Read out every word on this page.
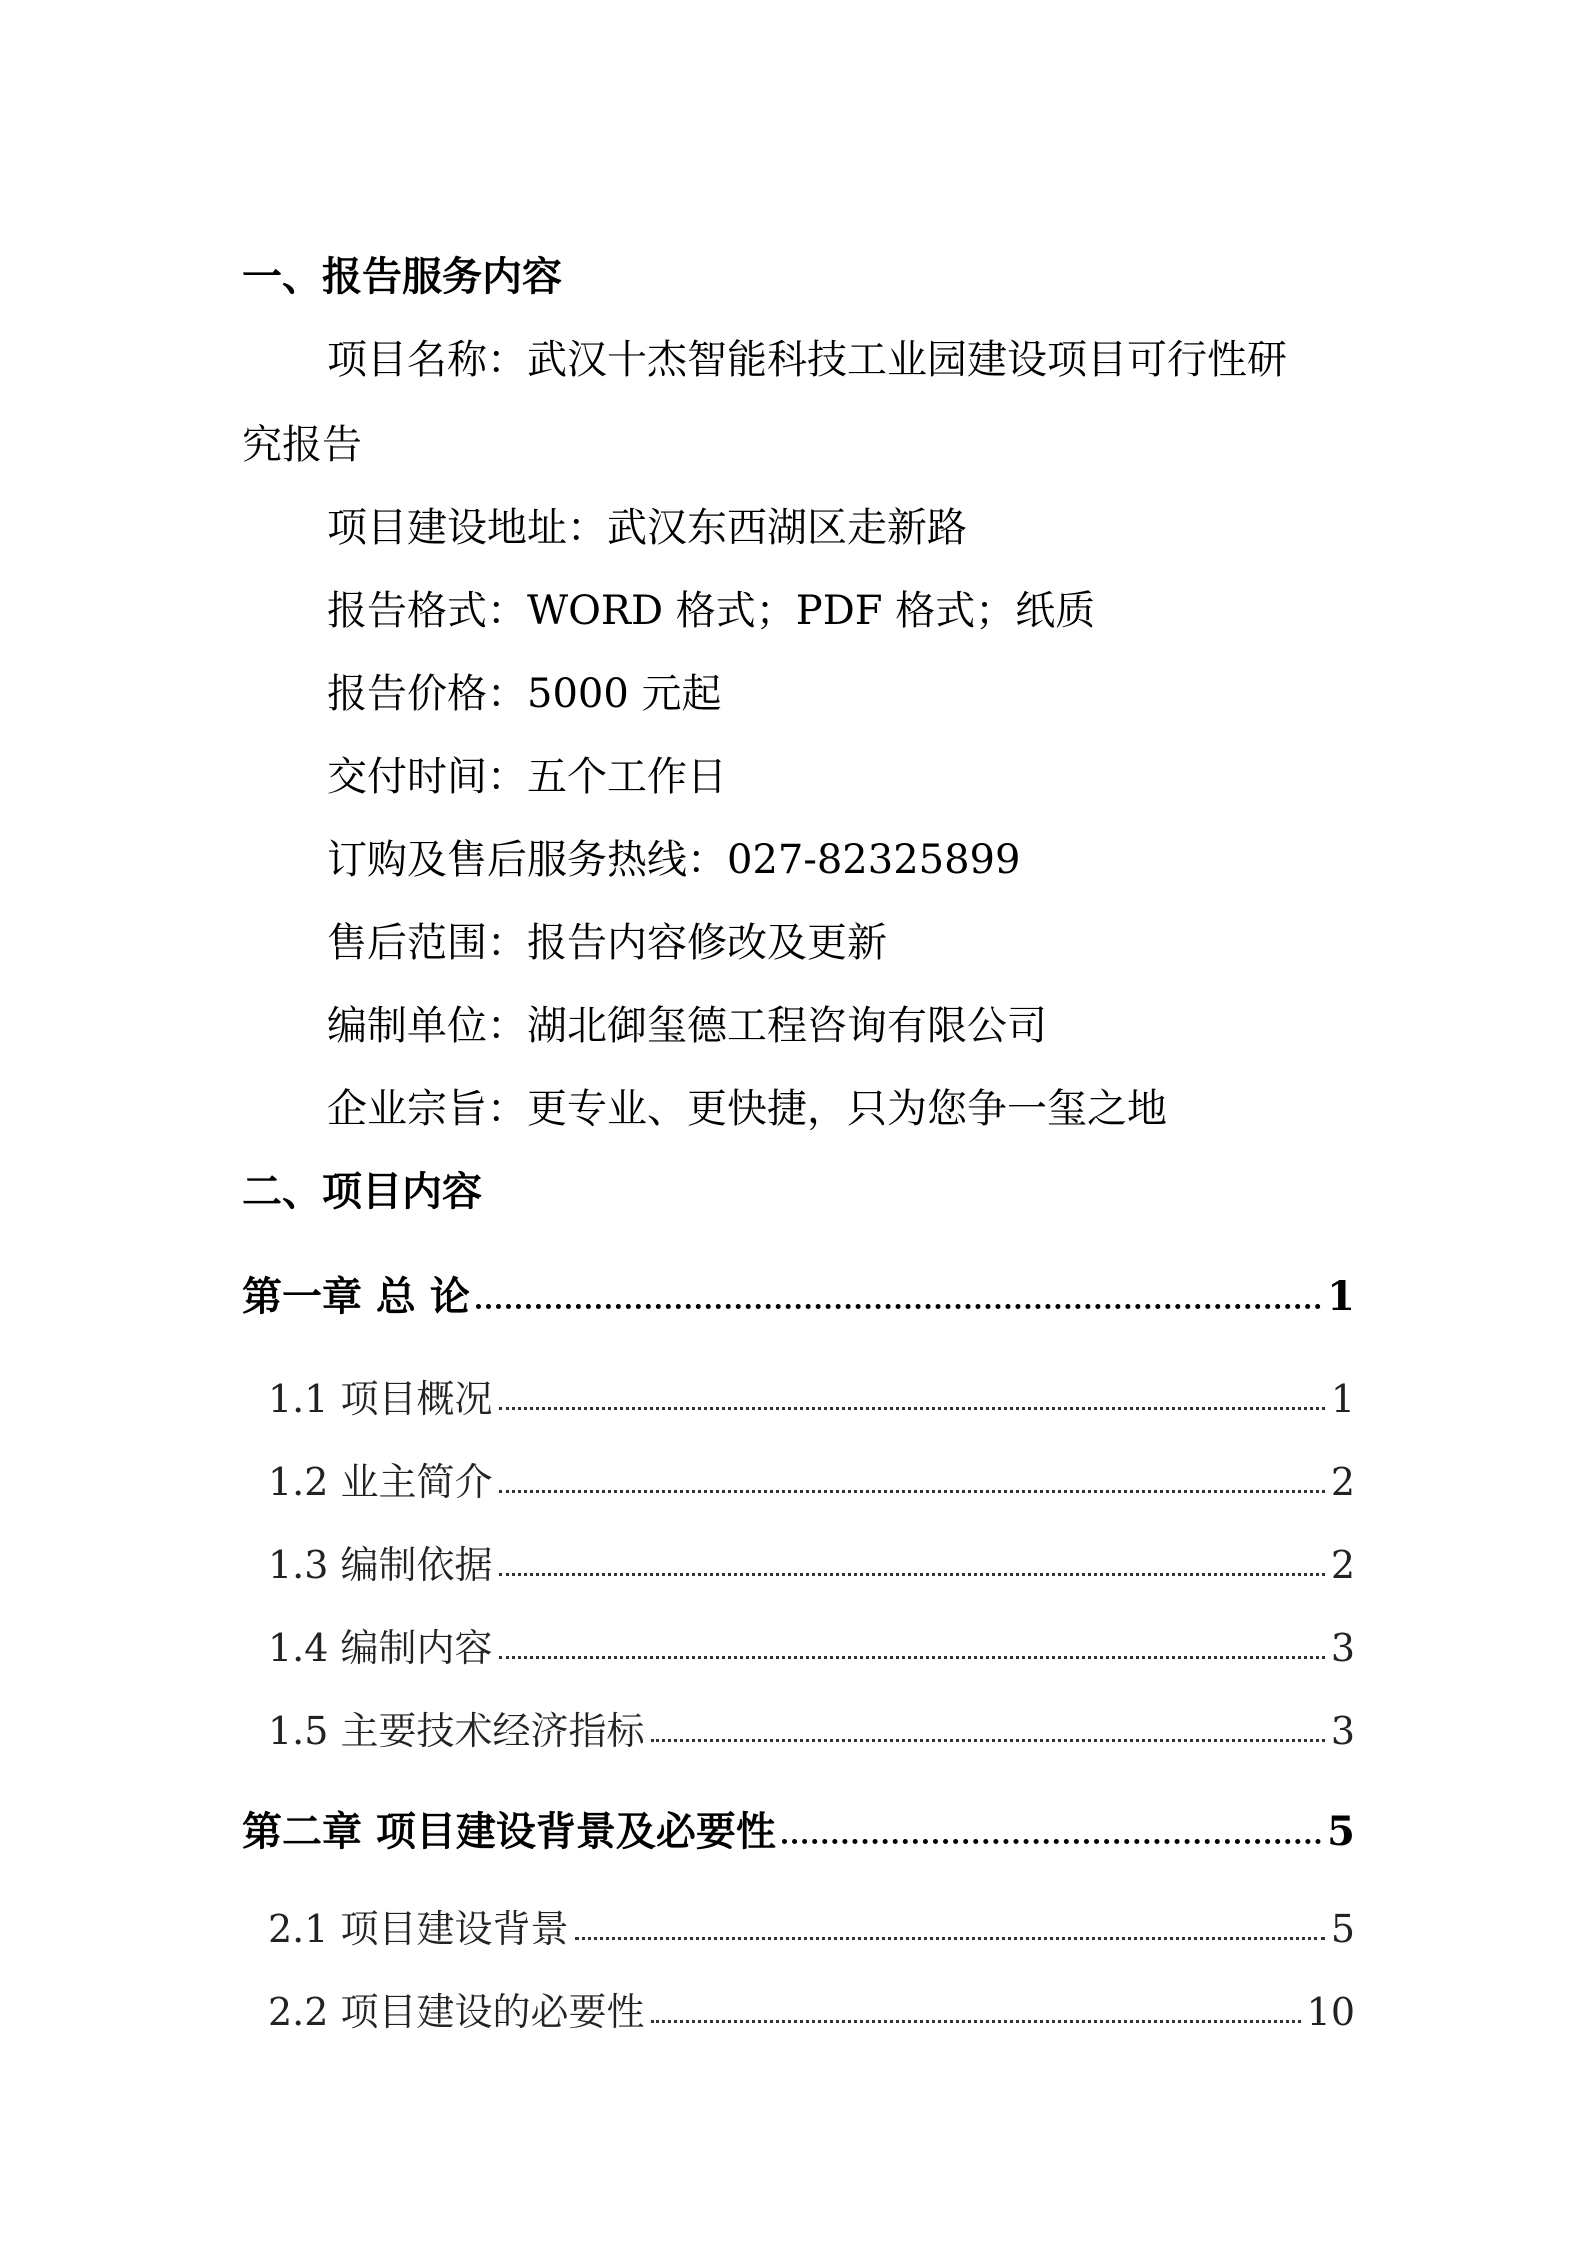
一、报告服务内容
项目名称：武汉十杰智能科技工业园建设项目可行性研
究报告
项目建设地址：武汉东西湖区走新路
报告格式：WORD 格式；PDF 格式；纸质
报告价格：5000 元起
交付时间：五个工作日
订购及售后服务热线：027-82325899
售后范围：报告内容修改及更新
编制单位：湖北御玺德工程咨询有限公司
企业宗旨：更专业、更快捷，只为您争一玺之地
二、项目内容
第一章 总 论	1
1.1 项目概况	1
1.2 业主简介	2
1.3 编制依据	2
1.4 编制内容	3
1.5 主要技术经济指标	3
第二章 项目建设背景及必要性	5
2.1 项目建设背景	5
2.2 项目建设的必要性	10
